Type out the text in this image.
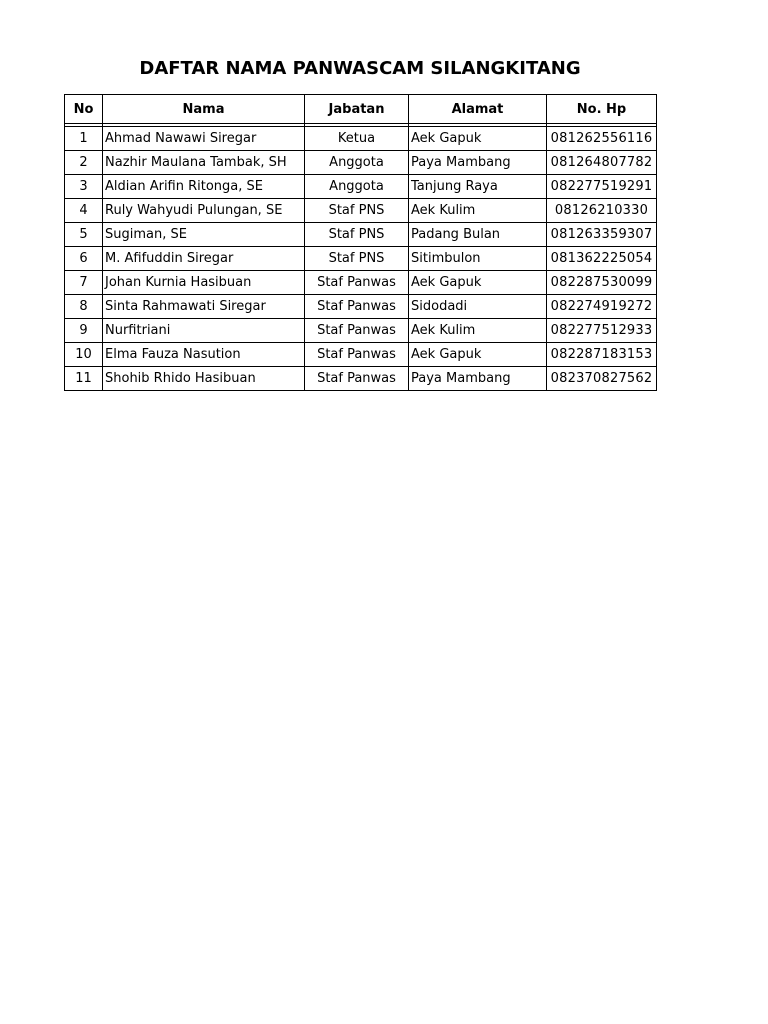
DAFTAR NAMA PANWASCAM SILANGKITANG
No	Nama	Jabatan	Alamat	No. Hp

1	Ahmad Nawawi Siregar	Ketua	Aek Gapuk	081262556116
2	Nazhir Maulana Tambak, SH	Anggota	Paya Mambang	081264807782
3	Aldian Arifin Ritonga, SE	Anggota	Tanjung Raya	082277519291
4	Ruly Wahyudi Pulungan, SE	Staf PNS	Aek Kulim	08126210330
5	Sugiman, SE	Staf PNS	Padang Bulan	081263359307
6	M. Afifuddin Siregar	Staf PNS	Sitimbulon	081362225054
7	Johan Kurnia Hasibuan	Staf Panwas	Aek Gapuk	082287530099
8	Sinta Rahmawati Siregar	Staf Panwas	Sidodadi	082274919272
9	Nurfitriani	Staf Panwas	Aek Kulim	082277512933
10	Elma Fauza Nasution	Staf Panwas	Aek Gapuk	082287183153
11	Shohib Rhido Hasibuan	Staf Panwas	Paya Mambang	082370827562
